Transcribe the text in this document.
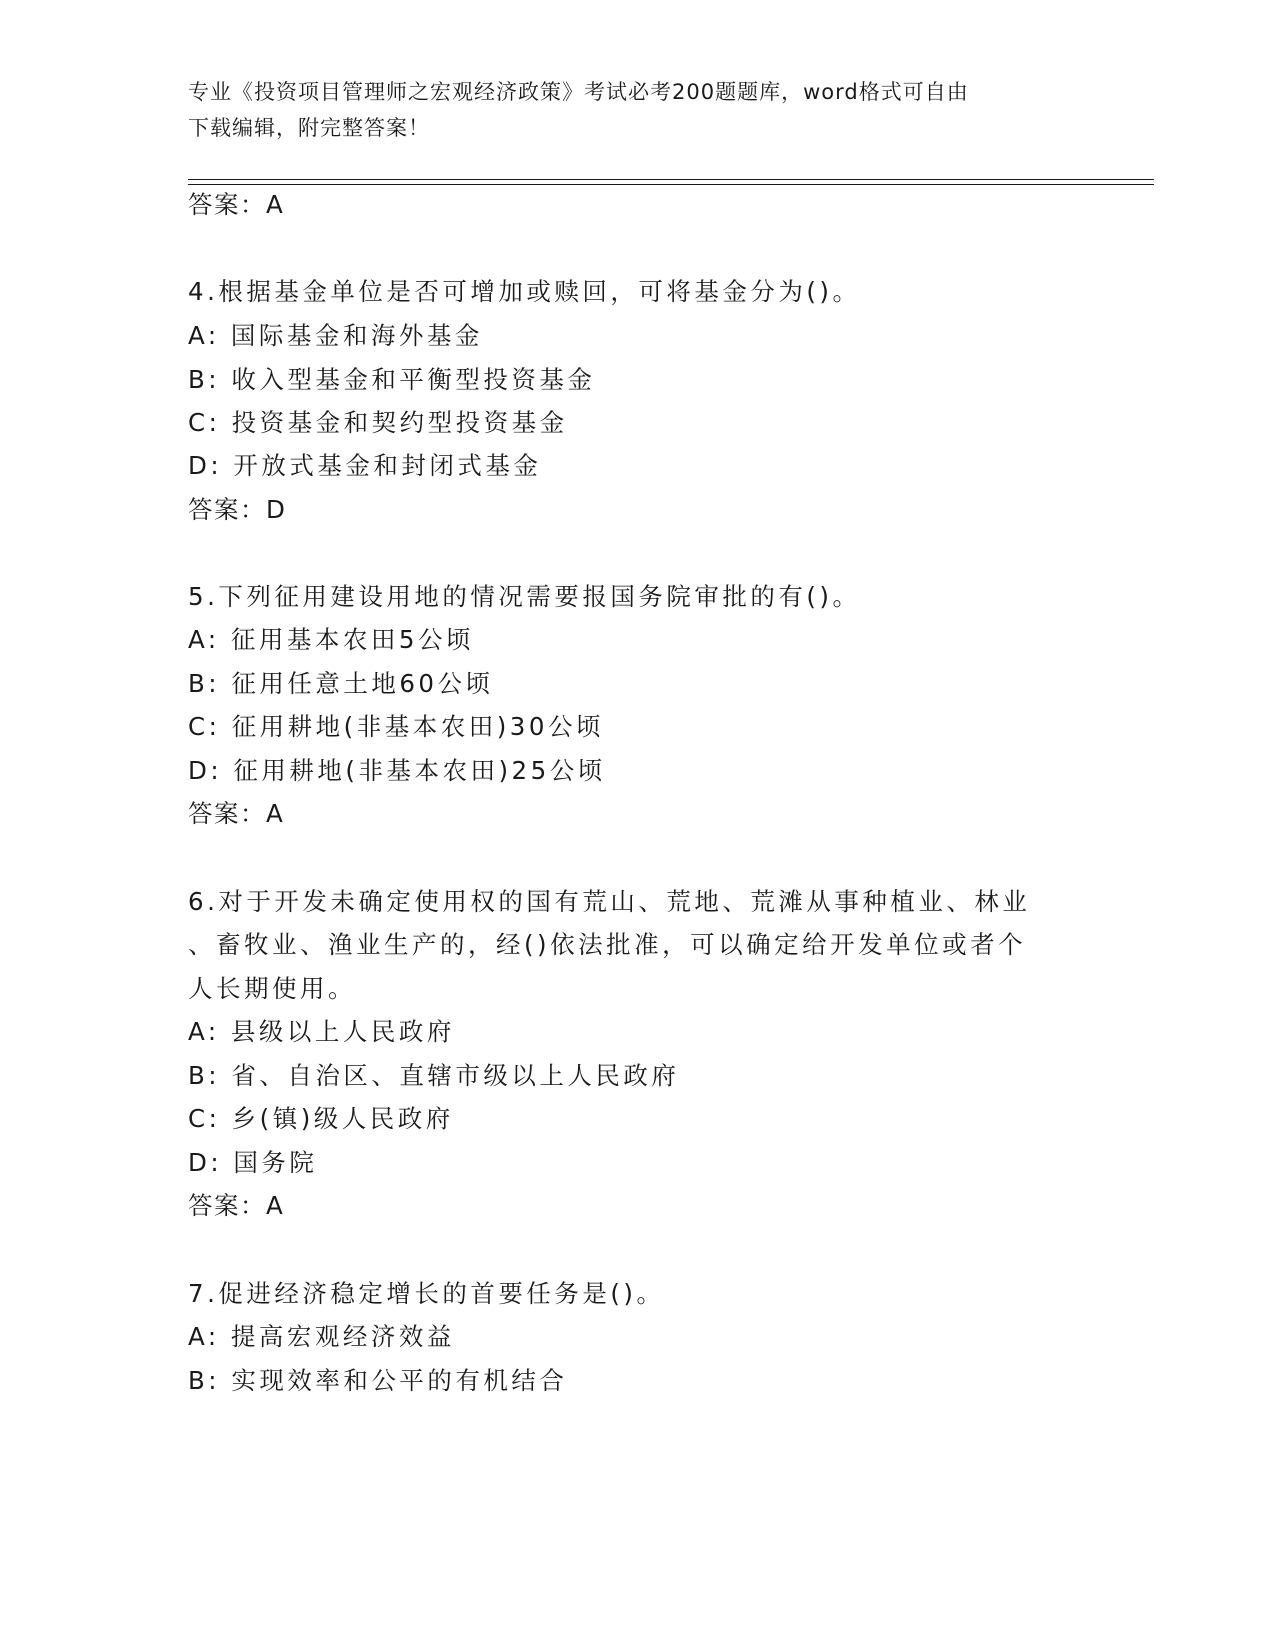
专业《投资项目管理师之宏观经济政策》考试必考200题题库，word格式可自由
下载编辑，附完整答案！
答案：A
4.根据基金单位是否可增加或赎回，可将基金分为()。
A: 国际基金和海外基金
B: 收入型基金和平衡型投资基金
C: 投资基金和契约型投资基金
D: 开放式基金和封闭式基金
答案：D
5.下列征用建设用地的情况需要报国务院审批的有()。
A: 征用基本农田5公顷
B: 征用任意土地60公顷
C: 征用耕地(非基本农田)30公顷
D: 征用耕地(非基本农田)25公顷
答案：A
6.对于开发未确定使用权的国有荒山、荒地、荒滩从事种植业、林业
、畜牧业、渔业生产的，经()依法批准，可以确定给开发单位或者个
人长期使用。
A: 县级以上人民政府
B: 省、自治区、直辖市级以上人民政府
C: 乡(镇)级人民政府
D: 国务院
答案：A
7.促进经济稳定增长的首要任务是()。
A: 提高宏观经济效益
B: 实现效率和公平的有机结合
